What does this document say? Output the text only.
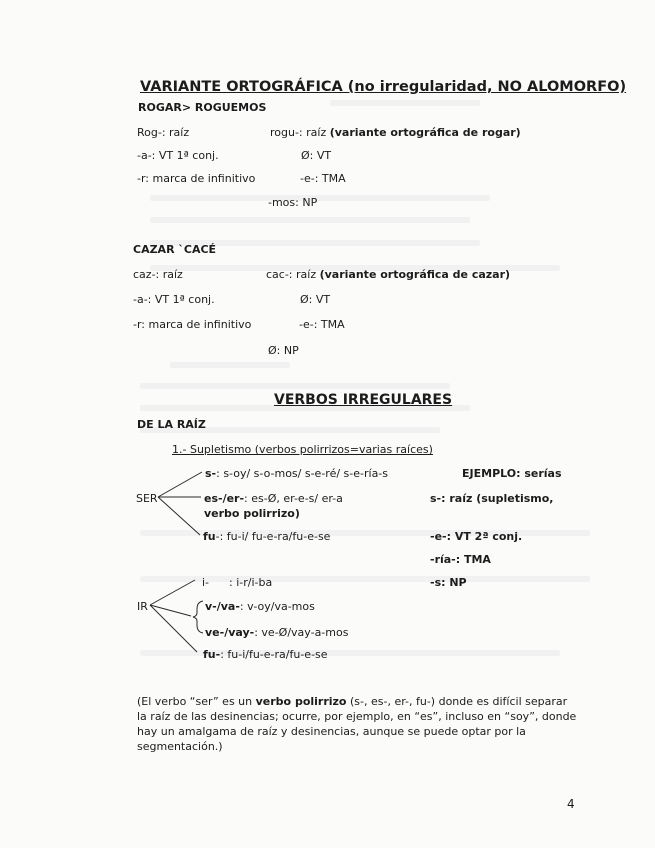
VARIANTE ORTOGRÁFICA (no irregularidad, NO ALOMORFO)
ROGAR> ROGUEMOS
Rog-: raíz
-a-: VT 1ª conj.
-r: marca de infinitivo
rogu-: raíz (variante ortográfica de rogar)
Ø: VT
-e-: TMA
-mos: NP
CAZAR ˋCACÉ
caz-: raíz
-a-: VT 1ª conj.
-r: marca de infinitivo
cac-: raíz (variante ortográfica de cazar)
Ø: VT
-e-: TMA
Ø: NP
VERBOS IRREGULARES
DE LA RAÍZ
1.- Supletismo (verbos polirrizos=varias raíces)
SER
s-: s-oy/ s-o-mos/ s-e-ré/ s-e-ría-s
es-/er-: es-Ø, er-e-s/ er-a
verbo polirrizo)
fu-: fu-i/ fu-e-ra/fu-e-se
EJEMPLO: serías
s-: raíz (supletismo,
-e-: VT 2ª conj.
-ría-: TMA
-s: NP
IR
i- : i-r/i-ba
v-/va-: v-oy/va-mos
ve-/vay-: ve-Ø/vay-a-mos
fu-: fu-i/fu-e-ra/fu-e-se
(El verbo “ser” es un verbo polirrizo (s-, es-, er-, fu-) donde es difícil separar la raíz de las desinencias; ocurre, por ejemplo, en “es”, incluso en “soy”, donde hay un amalgama de raíz y desinencias, aunque se puede optar por la segmentación.)
4
